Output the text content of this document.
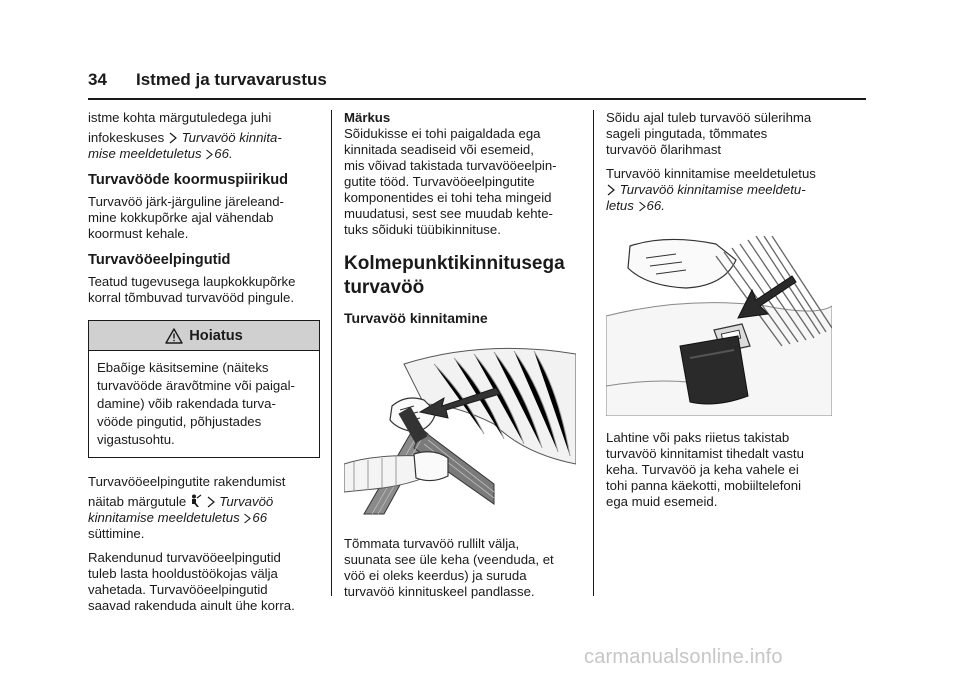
34 Istmed ja turvavarustus

istme kohta märgutuledega juhi

infokeskuses Turvavöö kinnita-
mise meeldetuletus 66.

Turvavööde koormuspiirikud

Turvavöö järk-järguline järeleand-
mine kokkupõrke ajal vähendab
koormust kehale.

Turvavööeelpingutid

Teatud tugevusega laupkokkupõrke
korral tõmbuvad turvavööd pingule.

Hoiatus
Ebaõige käsitsemine (näiteks
turvavööde äravõtmine või paigal-
damine) võib rakendada turva-
vööde pingutid, põhjustades
vigastusohtu.

Turvavööeelpingutite rakendumist

näitab märgutule	Turvavöö
kinnitamise meeldetuletus 66
süttimine.

Rakendunud turvavööeelpingutid
tuleb lasta hooldustöökojas välja
vahetada. Turvavööeelpingutid
saavad rakenduda ainult ühe korra.

Märkus

Sõidukisse ei tohi paigaldada ega
kinnitada seadiseid või esemeid,
mis võivad takistada turvavööeelpin-
gutite tööd. Turvavööeelpingutite
komponentides ei tohi teha mingeid
muudatusi, sest see muudab kehte-
tuks sõiduki tüübikinnituse.

Kolmepunktikinnitusega
turvavöö
Turvavöö kinnitamine

Tõmmata turvavöö rullilt välja,
suunata see üle keha (veenduda, et
vöö ei oleks keerdus) ja suruda
turvavöö kinnituskeel pandlasse.

Sõidu ajal tuleb turvavöö sülerihma
sageli pingutada, tõmmates
turvavöö õlarihmast

Turvavöö kinnitamise meeldetuletus
Turvavöö kinnitamise meeldetu-
letus 66.

Lahtine või paks riietus takistab
turvavöö kinnitamist tihedalt vastu
keha. Turvavöö ja keha vahele ei
tohi panna käekotti, mobiiltelefoni
ega muid esemeid.

carmanualsonline.info
